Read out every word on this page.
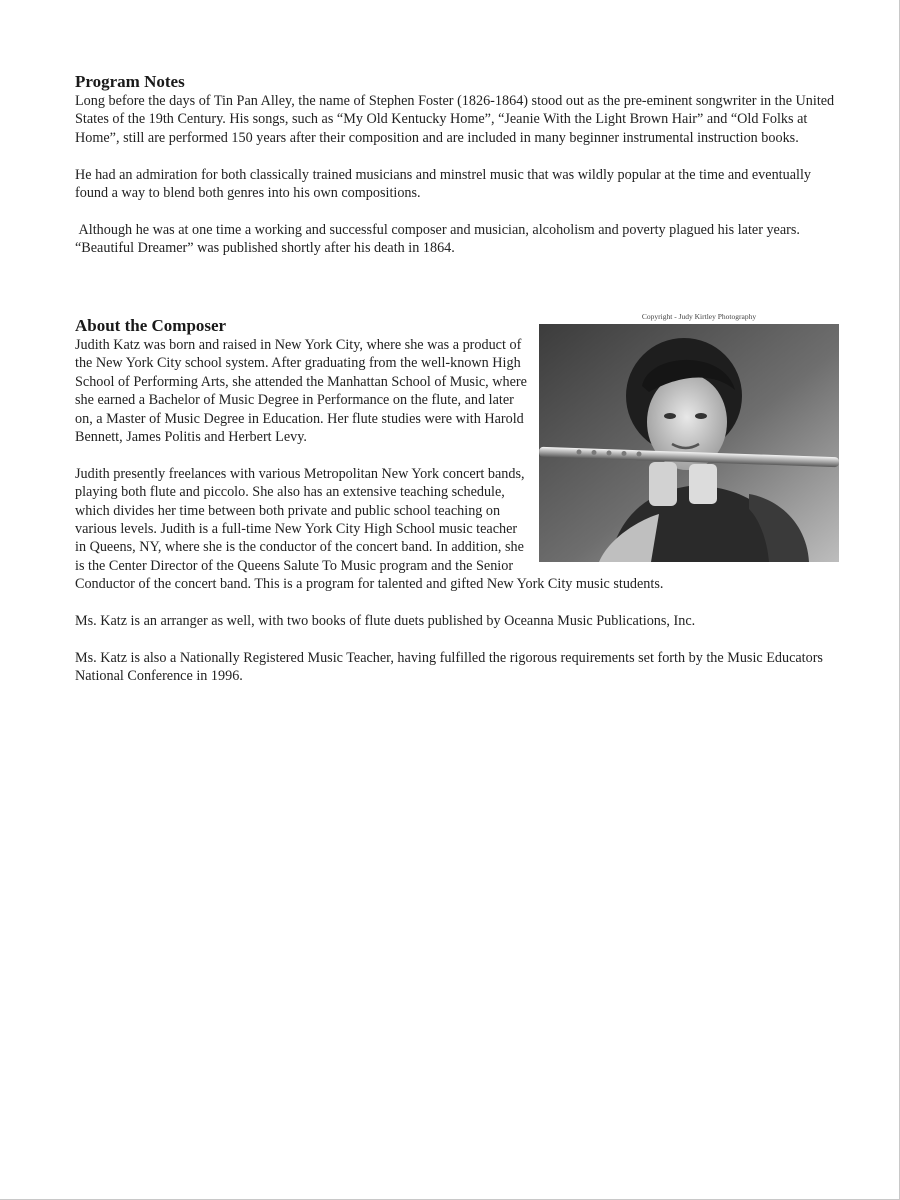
Program Notes

Long before the days of Tin Pan Alley, the name of Stephen Foster (1826-1864) stood out as the pre-eminent songwriter in the United States of the 19th Century. His songs, such as “My Old Kentucky Home”, “Jeanie With the Light Brown Hair” and “Old Folks at Home”, still are performed 150 years after their composition and are included in many beginner instrumental instruction books.

He had an admiration for both classically trained musicians and minstrel music that was wildly popular at the time and eventually found a way to blend both genres into his own compositions.

Although he was at one time a working and successful composer and musician, alcoholism and poverty plagued his later years.  “Beautiful Dreamer” was published shortly after his death in 1864.

Copyright - Judy Kirtley Photography
About the Composer

Judith Katz was born and raised in New York City, where she was a product of the New York City school system. After graduating from the well-known High School of Performing Arts, she attended the Manhattan School of Music, where she earned a Bachelor of Music Degree in Performance on the flute, and later on, a Master of Music Degree in Education. Her flute studies were with Harold Bennett, James Politis and Herbert Levy.

Judith presently freelances with various Metropolitan New York concert bands, playing both flute and piccolo. She also has an extensive teaching schedule, which divides her time between both private and public school teaching on various levels. Judith is a full-time New York City High School music teacher in Queens, NY, where she is the conductor of the concert band. In addition, she is the Center Director of the Queens Salute To Music program and the Senior Conductor of the concert band. This is a program for talented and gifted New York City music students.

Ms. Katz is an arranger as well, with two books of flute duets published by Oceanna Music Publications, Inc.

Ms. Katz is also a Nationally Registered Music Teacher, having fulfilled the rigorous requirements set forth by the Music Educators National Conference in 1996.
